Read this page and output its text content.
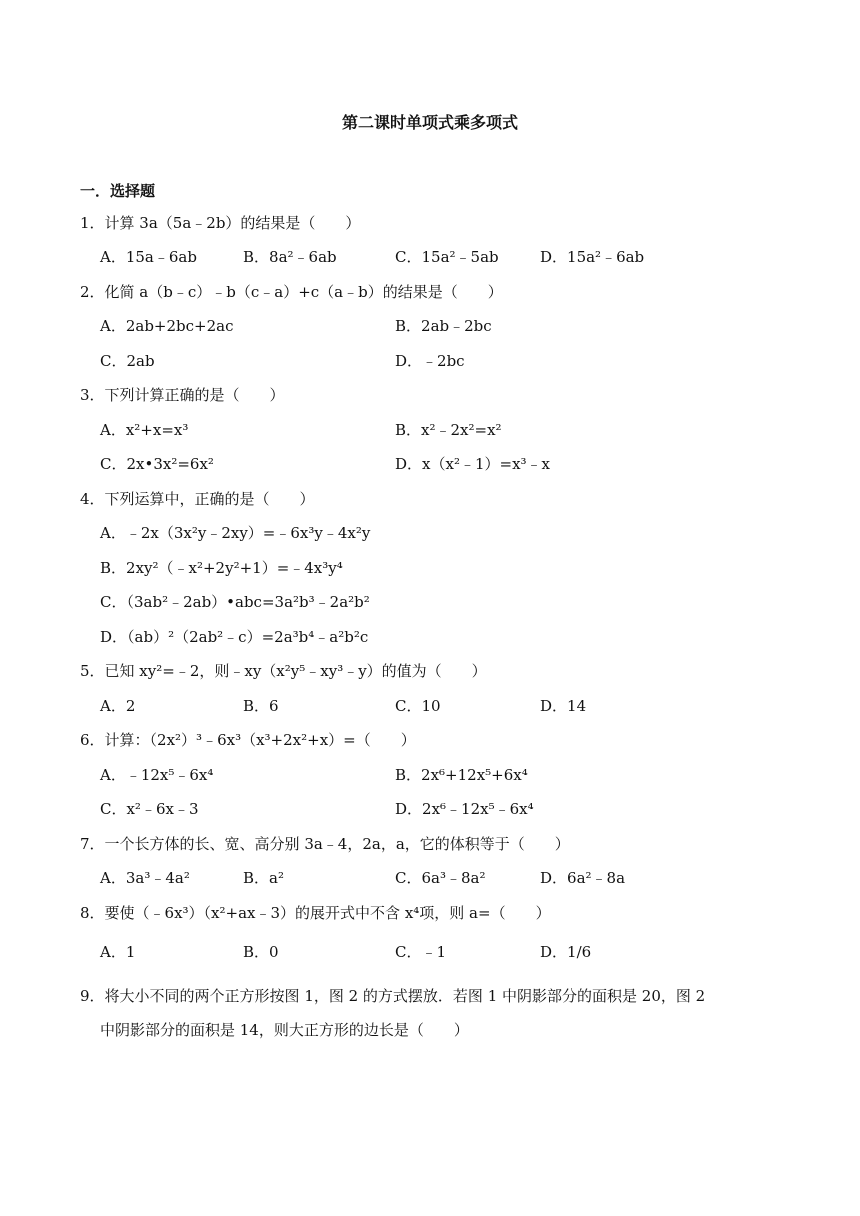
第二课时单项式乘多项式
一．选择题
1．计算 3a（5a﹣2b）的结果是（　　）
A．15a﹣6ab	B．8a²﹣6ab	C．15a²﹣5ab	D．15a²﹣6ab
2．化简 a（b﹣c）﹣b（c﹣a）+c（a﹣b）的结果是（　　）
A．2ab+2bc+2ac	B．2ab﹣2bc
C．2ab	D．﹣2bc
3．下列计算正确的是（　　）
A．x²+x=x³	B．x²﹣2x²=x²
C．2x•3x²=6x²	D．x（x²﹣1）=x³﹣x
4．下列运算中，正确的是（　　）
A．﹣2x（3x²y﹣2xy）=﹣6x³y﹣4x²y
B．2xy²（﹣x²+2y²+1）=﹣4x³y⁴
C．（3ab²﹣2ab）•abc=3a²b³﹣2a²b²
D．（ab）²（2ab²﹣c）=2a³b⁴﹣a²b²c
5．已知 xy²=﹣2，则﹣xy（x²y⁵﹣xy³﹣y）的值为（　　）
A．2	B．6	C．10	D．14
6．计算：（2x²）³﹣6x³（x³+2x²+x）=（　　）
A．﹣12x⁵﹣6x⁴	B．2x⁶+12x⁵+6x⁴
C．x²﹣6x﹣3	D．2x⁶﹣12x⁵﹣6x⁴
7．一个长方体的长、宽、高分别 3a﹣4，2a，a，它的体积等于（　　）
A．3a³﹣4a²	B．a²	C．6a³﹣8a²	D．6a²﹣8a
8．要使（﹣6x³）（x²+ax﹣3）的展开式中不含 x⁴项，则 a=（　　）
A．1	B．0	C．﹣1	D．1/6
9．将大小不同的两个正方形按图 1，图 2 的方式摆放．若图 1 中阴影部分的面积是 20，图 2
中阴影部分的面积是 14，则大正方形的边长是（　　）
